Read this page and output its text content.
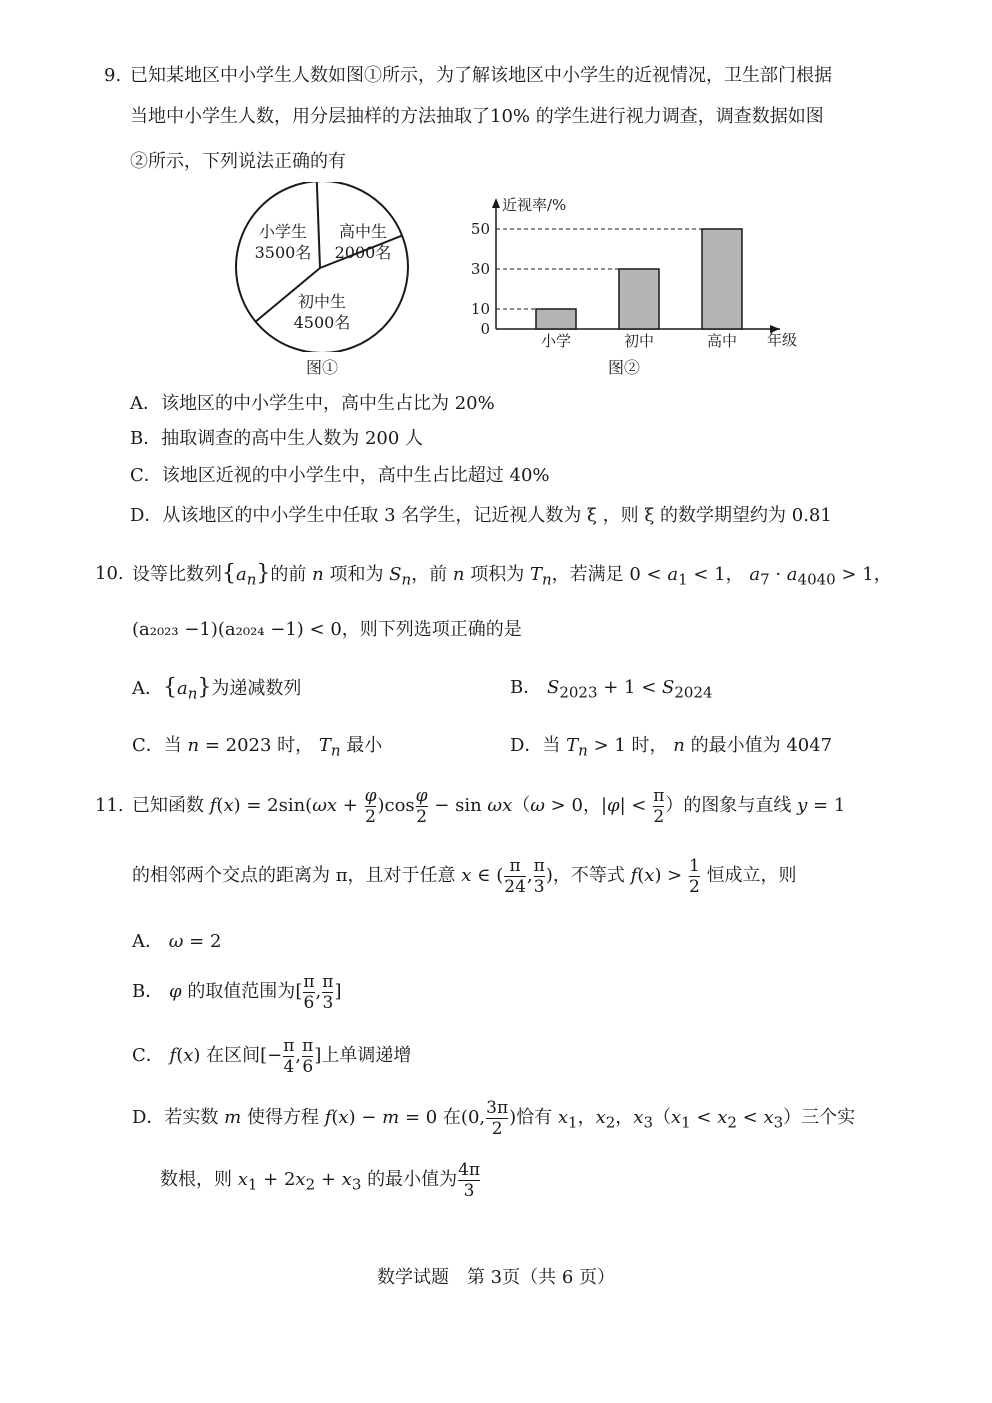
9. 已知某地区中小学生人数如图①所示，为了解该地区中小学生的近视情况，卫生部门根据
当地中小学生人数，用分层抽样的方法抽取了10% 的学生进行视力调查，调查数据如图
②所示，下列说法正确的有
小学生
3500名
高中生
2000名
初中生
4500名
图①
0
10
30
50
小学	初中	高中
近视率/%
年级
图②
A．该地区的中小学生中，高中生占比为 20%
B．抽取调查的高中生人数为 200 人
C．该地区近视的中小学生中，高中生占比超过 40%
D．从该地区的中小学生中任取 3 名学生，记近视人数为 ξ ，则 ξ 的数学期望约为 0.81
10. 设等比数列$\{a_n\}$的前 n 项和为 $S_n$，前 n 项积为 $T_n$，若满足 $0 < a_1 < 1$， $a_7 \cdot a_{4040} > 1$，
(a₂₀₂₃ −1)(a₂₀₂₄ −1) < 0，则下列选项正确的是
A．$\{a_n\}$为递减数列	B． $S_{2023} + 1 < S_{2024}$
C．当 n = 2023 时， $T_n$ 最小	D．当 $T_n > 1$ 时， n 的最小值为 4047
11. 已知函数 $f(x) = 2\sin(\omega x + \frac{\varphi}{2} )\cos \frac{\varphi}{2} - \sin \omega x(\omega > 0$，$|\varphi| < \frac{\pi}{2}$ ）的图象与直线 y = 1
的相邻两个交点的距离为 π，且对于任意 x ∈ ( $\frac{\pi}{24}$ , $\frac{\pi}{3}$ )，不等式 $f(x) > \frac{1}{2}$ 恒成立，则
A． ω = 2
B． φ 的取值范围为[ $\frac{\pi}{6}$ , $\frac{\pi}{3}$ ]
C． f(x) 在区间[− $\frac{\pi}{4}$ , $\frac{\pi}{6}$ ]上单调递增
D．若实数 m 使得方程 f(x) − m = 0 在(0, $\frac{3\pi}{2}$ )恰有 $x_1$，$x_2$，$x_3(x_1 < x_2 < x_3)$三个实
数根，则 $x_1 + 2x_2 + x_3$ 的最小值为 $\frac{4\pi}{3}$
数学试题　第 3页（共 6 页）
